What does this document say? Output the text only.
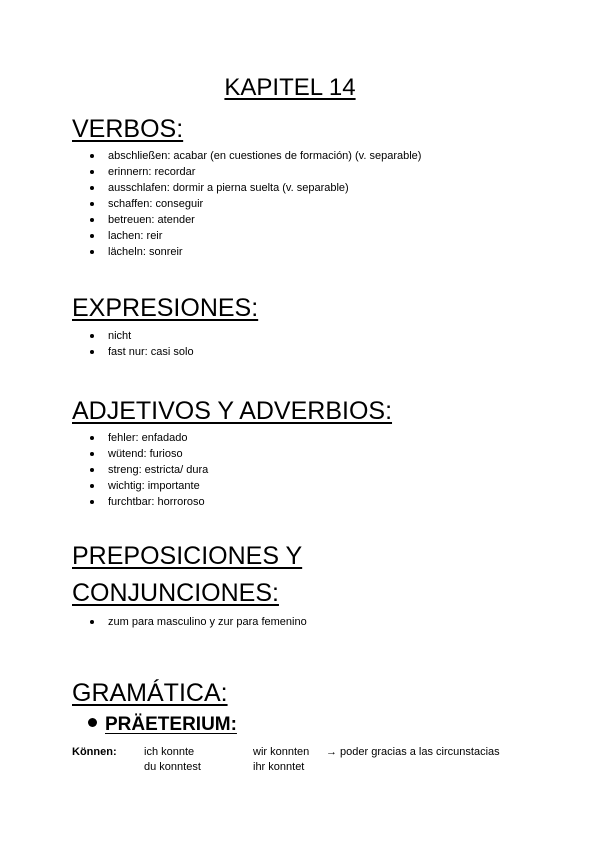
KAPITEL 14
VERBOS:
abschließen: acabar (en cuestiones de formación) (v. separable)
erinnern: recordar
ausschlafen: dormir a pierna suelta (v. separable)
schaffen: conseguir
betreuen: atender
lachen: reir
lächeln: sonreir
EXPRESIONES:
nicht
fast nur: casi solo
ADJETIVOS Y ADVERBIOS:
fehler: enfadado
wütend: furioso
streng: estricta/ dura
wichtig: importante
furchtbar: horroroso
PREPOSICIONES Y
CONJUNCIONES:
zum para masculino y zur para femenino
GRAMÁTICA:
PRÄETERIUM:
Können: ich konnte
du konntest
wir konnten
ihr konntet
→ poder gracias a las circunstacias
